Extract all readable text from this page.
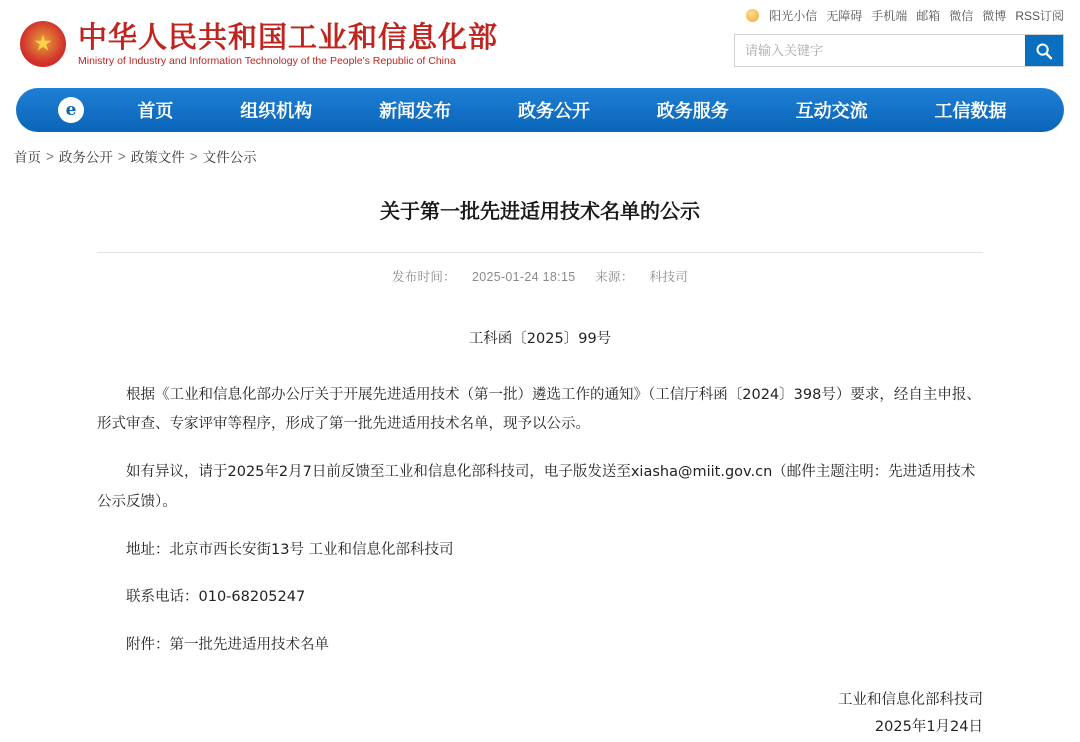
★
中华人民共和国工业和信息化部
Ministry of Industry and Information Technology of the People's Republic of China
阳光小信 无障碍 手机端 邮箱 微信 微博 RSS订阅
请输入关键字
e	首页	组织机构	新闻发布	政务公开	政务服务	互动交流	工信数据
首页 > 政务公开 > 政策文件 > 文件公示
关于第一批先进适用技术名单的公示
发布时间： 2025-01-24 18:15 来源： 科技司
工科函〔2025〕99号

根据《工业和信息化部办公厅关于开展先进适用技术（第一批）遴选工作的通知》（工信厅科函〔2024〕398号）要求，经自主申报、形式审查、专家评审等程序，形成了第一批先进适用技术名单，现予以公示。

如有异议，请于2025年2月7日前反馈至工业和信息化部科技司，电子版发送至xiasha@miit.gov.cn（邮件主题注明：先进适用技术公示反馈）。

地址：北京市西长安街13号 工业和信息化部科技司

联系电话：010-68205247

附件：第一批先进适用技术名单

工业和信息化部科技司
2025年1月24日
